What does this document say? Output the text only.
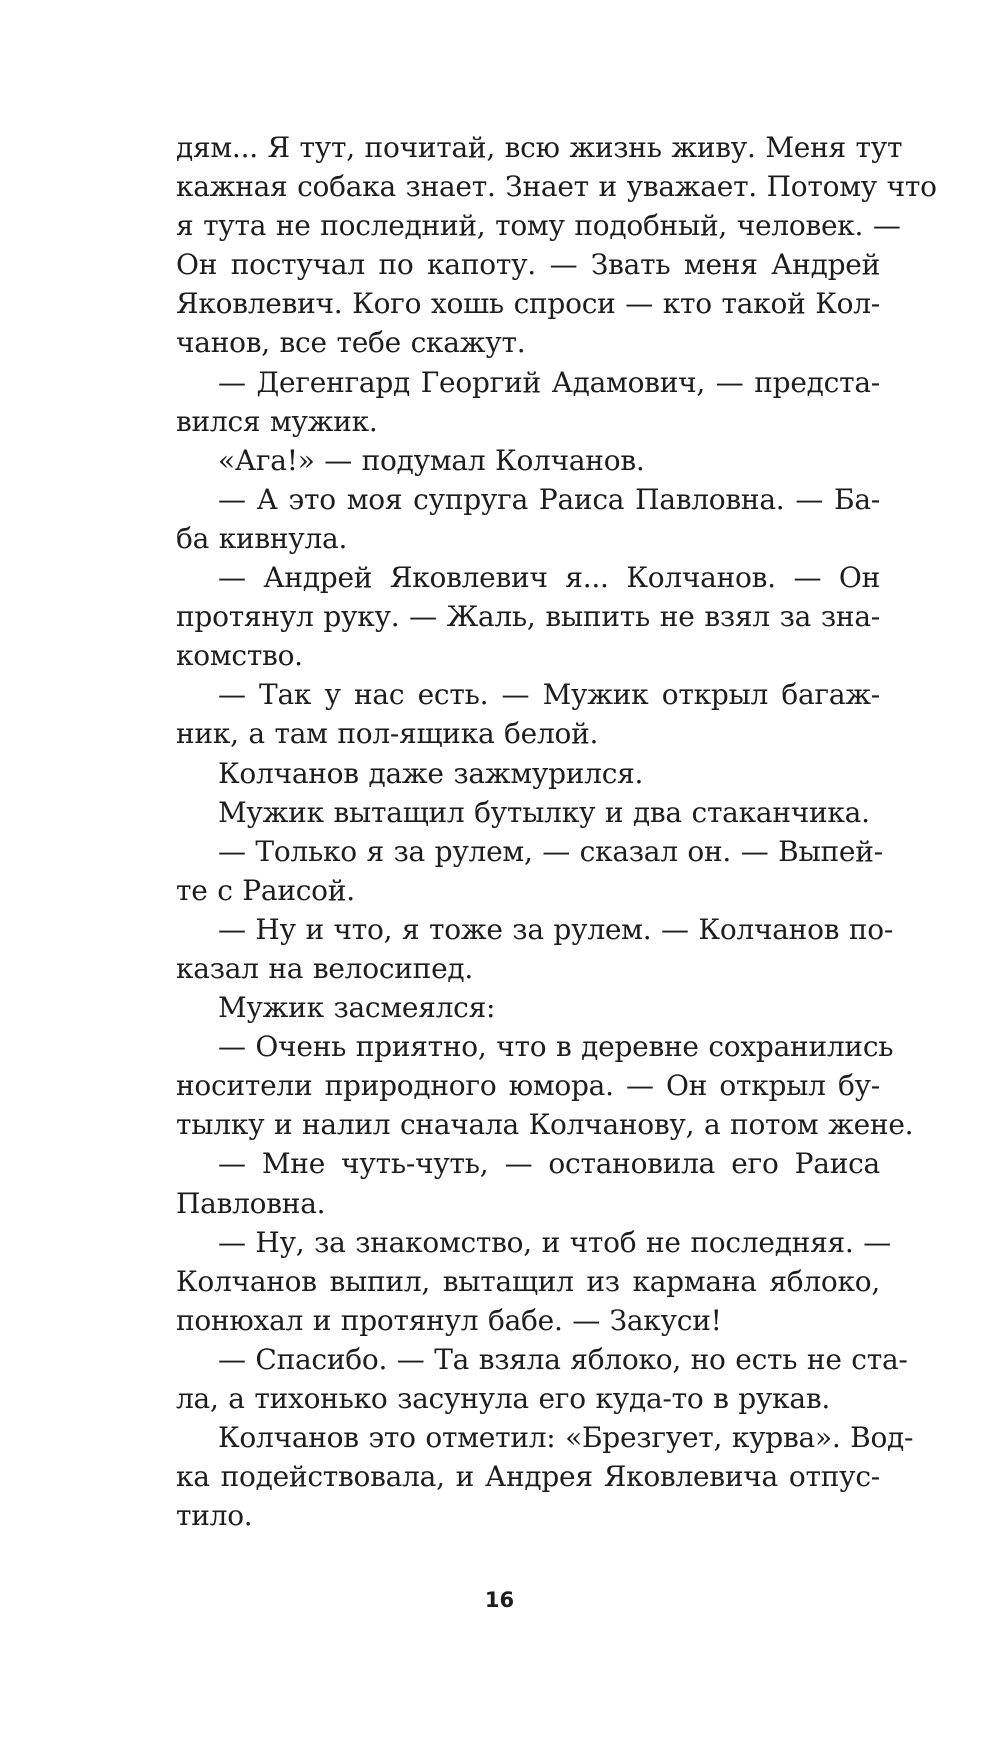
дям... Я тут, почитай, всю жизнь живу. Меня тут
кажная собака знает. Знает и уважает. Потому что
я тута не последний, тому подобный, человек. —
Он постучал по капоту. — Звать меня Андрей
Яковлевич. Кого хошь спроси — кто такой Кол-
чанов, все тебе скажут.
— Дегенгард Георгий Адамович, — предста-
вился мужик.
«Ага!» — подумал Колчанов.
— А это моя супруга Раиса Павловна. — Ба-
ба кивнула.
— Андрей Яковлевич я... Колчанов. — Он
протянул руку. — Жаль, выпить не взял за зна-
комство.
— Так у нас есть. — Мужик открыл багаж-
ник, а там пол-ящика белой.
Колчанов даже зажмурился.
Мужик вытащил бутылку и два стаканчика.
— Только я за рулем, — сказал он. — Выпей-
те с Раисой.
— Ну и что, я тоже за рулем. — Колчанов по-
казал на велосипед.
Мужик засмеялся:
— Очень приятно, что в деревне сохранились
носители природного юмора. — Он открыл бу-
тылку и налил сначала Колчанову, а потом жене.
— Мне чуть-чуть, — остановила его Раиса
Павловна.
— Ну, за знакомство, и чтоб не последняя. —
Колчанов выпил, вытащил из кармана яблоко,
понюхал и протянул бабе. — Закуси!
— Спасибо. — Та взяла яблоко, но есть не ста-
ла, а тихонько засунула его куда-то в рукав.
Колчанов это отметил: «Брезгует, курва». Вод-
ка подействовала, и Андрея Яковлевича отпус-
тило.
16
